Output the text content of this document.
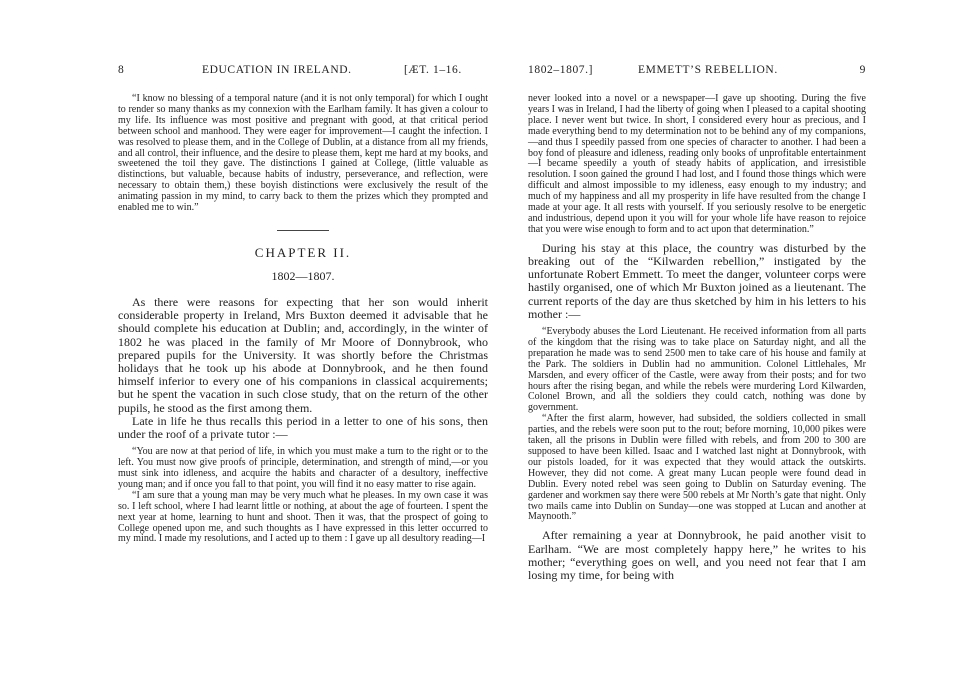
8	EDUCATION IN IRELAND.	[ÆT. 1–16.

“I know no blessing of a temporal nature (and it is not only temporal) for which I ought to render so many thanks as my connexion with the Earlham family. It has given a colour to my life. Its influence was most positive and pregnant with good, at that critical period between school and manhood. They were eager for improvement—I caught the infection. I was resolved to please them, and in the College of Dublin, at a distance from all my friends, and all control, their influence, and the desire to please them, kept me hard at my books, and sweetened the toil they gave. The distinctions I gained at College, (little valuable as distinctions, but valuable, because habits of industry, perseverance, and reflection, were necessary to obtain them,) these boyish distinctions were exclusively the result of the animating passion in my mind, to carry back to them the prizes which they prompted and enabled me to win.”

CHAPTER II.

1802—1807.

As there were reasons for expecting that her son would inherit considerable property in Ireland, Mrs Buxton deemed it advisable that he should complete his education at Dublin; and, accordingly, in the winter of 1802 he was placed in the family of Mr Moore of Donnybrook, who prepared pupils for the University. It was shortly before the Christmas holidays that he took up his abode at Donnybrook, and he then found himself inferior to every one of his companions in classical acquirements; but he spent the vacation in such close study, that on the return of the other pupils, he stood as the first among them.

Late in life he thus recalls this period in a letter to one of his sons, then under the roof of a private tutor :—

“You are now at that period of life, in which you must make a turn to the right or to the left. You must now give proofs of principle, determination, and strength of mind,—or you must sink into idleness, and acquire the habits and character of a desultory, ineffective young man; and if once you fall to that point, you will find it no easy matter to rise again.

“I am sure that a young man may be very much what he pleases. In my own case it was so. I left school, where I had learnt little or nothing, at about the age of fourteen. I spent the next year at home, learning to hunt and shoot. Then it was, that the prospect of going to College opened upon me, and such thoughts as I have expressed in this letter occurred to my mind. I made my resolutions, and I acted up to them : I gave up all desultory reading—I

1802–1807.]	EMMETT’S REBELLION.	9

never looked into a novel or a newspaper—I gave up shooting. During the five years I was in Ireland, I had the liberty of going when I pleased to a capital shooting place. I never went but twice. In short, I considered every hour as precious, and I made everything bend to my determination not to be behind any of my companions,—and thus I speedily passed from one species of character to another. I had been a boy fond of pleasure and idleness, reading only books of unprofitable entertainment—I became speedily a youth of steady habits of application, and irresistible resolution. I soon gained the ground I had lost, and I found those things which were difficult and almost impossible to my idleness, easy enough to my industry; and much of my happiness and all my prosperity in life have resulted from the change I made at your age. It all rests with yourself. If you seriously resolve to be energetic and industrious, depend upon it you will for your whole life have reason to rejoice that you were wise enough to form and to act upon that determination.”

During his stay at this place, the country was disturbed by the breaking out of the “Kilwarden rebellion,” instigated by the unfortunate Robert Emmett. To meet the danger, volunteer corps were hastily organised, one of which Mr Buxton joined as a lieutenant. The current reports of the day are thus sketched by him in his letters to his mother :—

“Everybody abuses the Lord Lieutenant. He received information from all parts of the kingdom that the rising was to take place on Saturday night, and all the preparation he made was to send 2500 men to take care of his house and family at the Park. The soldiers in Dublin had no ammunition. Colonel Littlehales, Mr Marsden, and every officer of the Castle, were away from their posts; and for two hours after the rising began, and while the rebels were murdering Lord Kilwarden, Colonel Brown, and all the soldiers they could catch, nothing was done by government.

“After the first alarm, however, had subsided, the soldiers collected in small parties, and the rebels were soon put to the rout; before morning, 10,000 pikes were taken, all the prisons in Dublin were filled with rebels, and from 200 to 300 are supposed to have been killed. Isaac and I watched last night at Donnybrook, with our pistols loaded, for it was expected that they would attack the outskirts. However, they did not come. A great many Lucan people were found dead in Dublin. Every noted rebel was seen going to Dublin on Saturday evening. The gardener and workmen say there were 500 rebels at Mr North’s gate that night. Only two mails came into Dublin on Sunday—one was stopped at Lucan and another at Maynooth.”

After remaining a year at Donnybrook, he paid another visit to Earlham. “We are most completely happy here,” he writes to his mother; “everything goes on well, and you need not fear that I am losing my time, for being with
